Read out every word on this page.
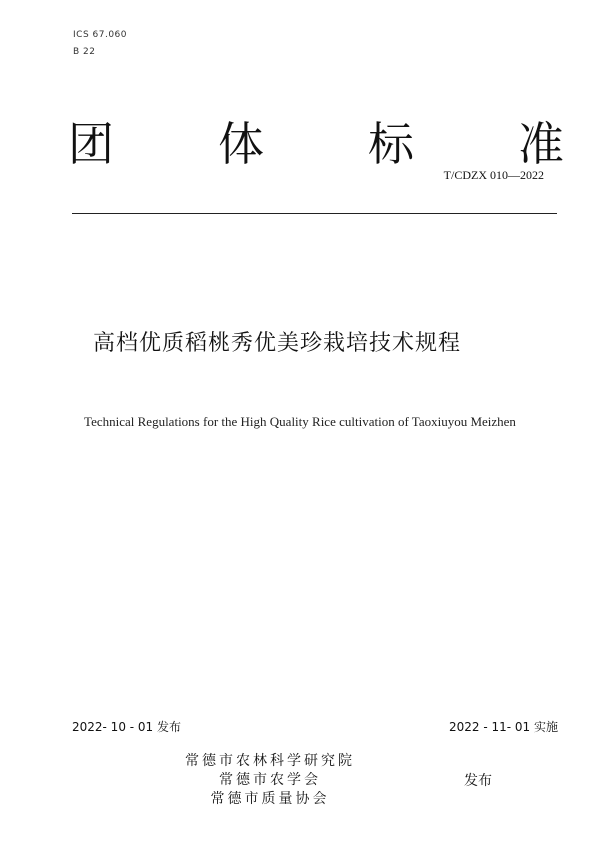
ICS 67.060
B 22
团 体 标 准
T/CDZX 010—2022
高档优质稻桃秀优美珍栽培技术规程
Technical Regulations for the High Quality Rice cultivation of Taoxiuyou Meizhen
2022- 10 - 01 发布	2022 - 11- 01 实施
常德市农林科学研究院
常德市农学会
常德市质量协会
发布
